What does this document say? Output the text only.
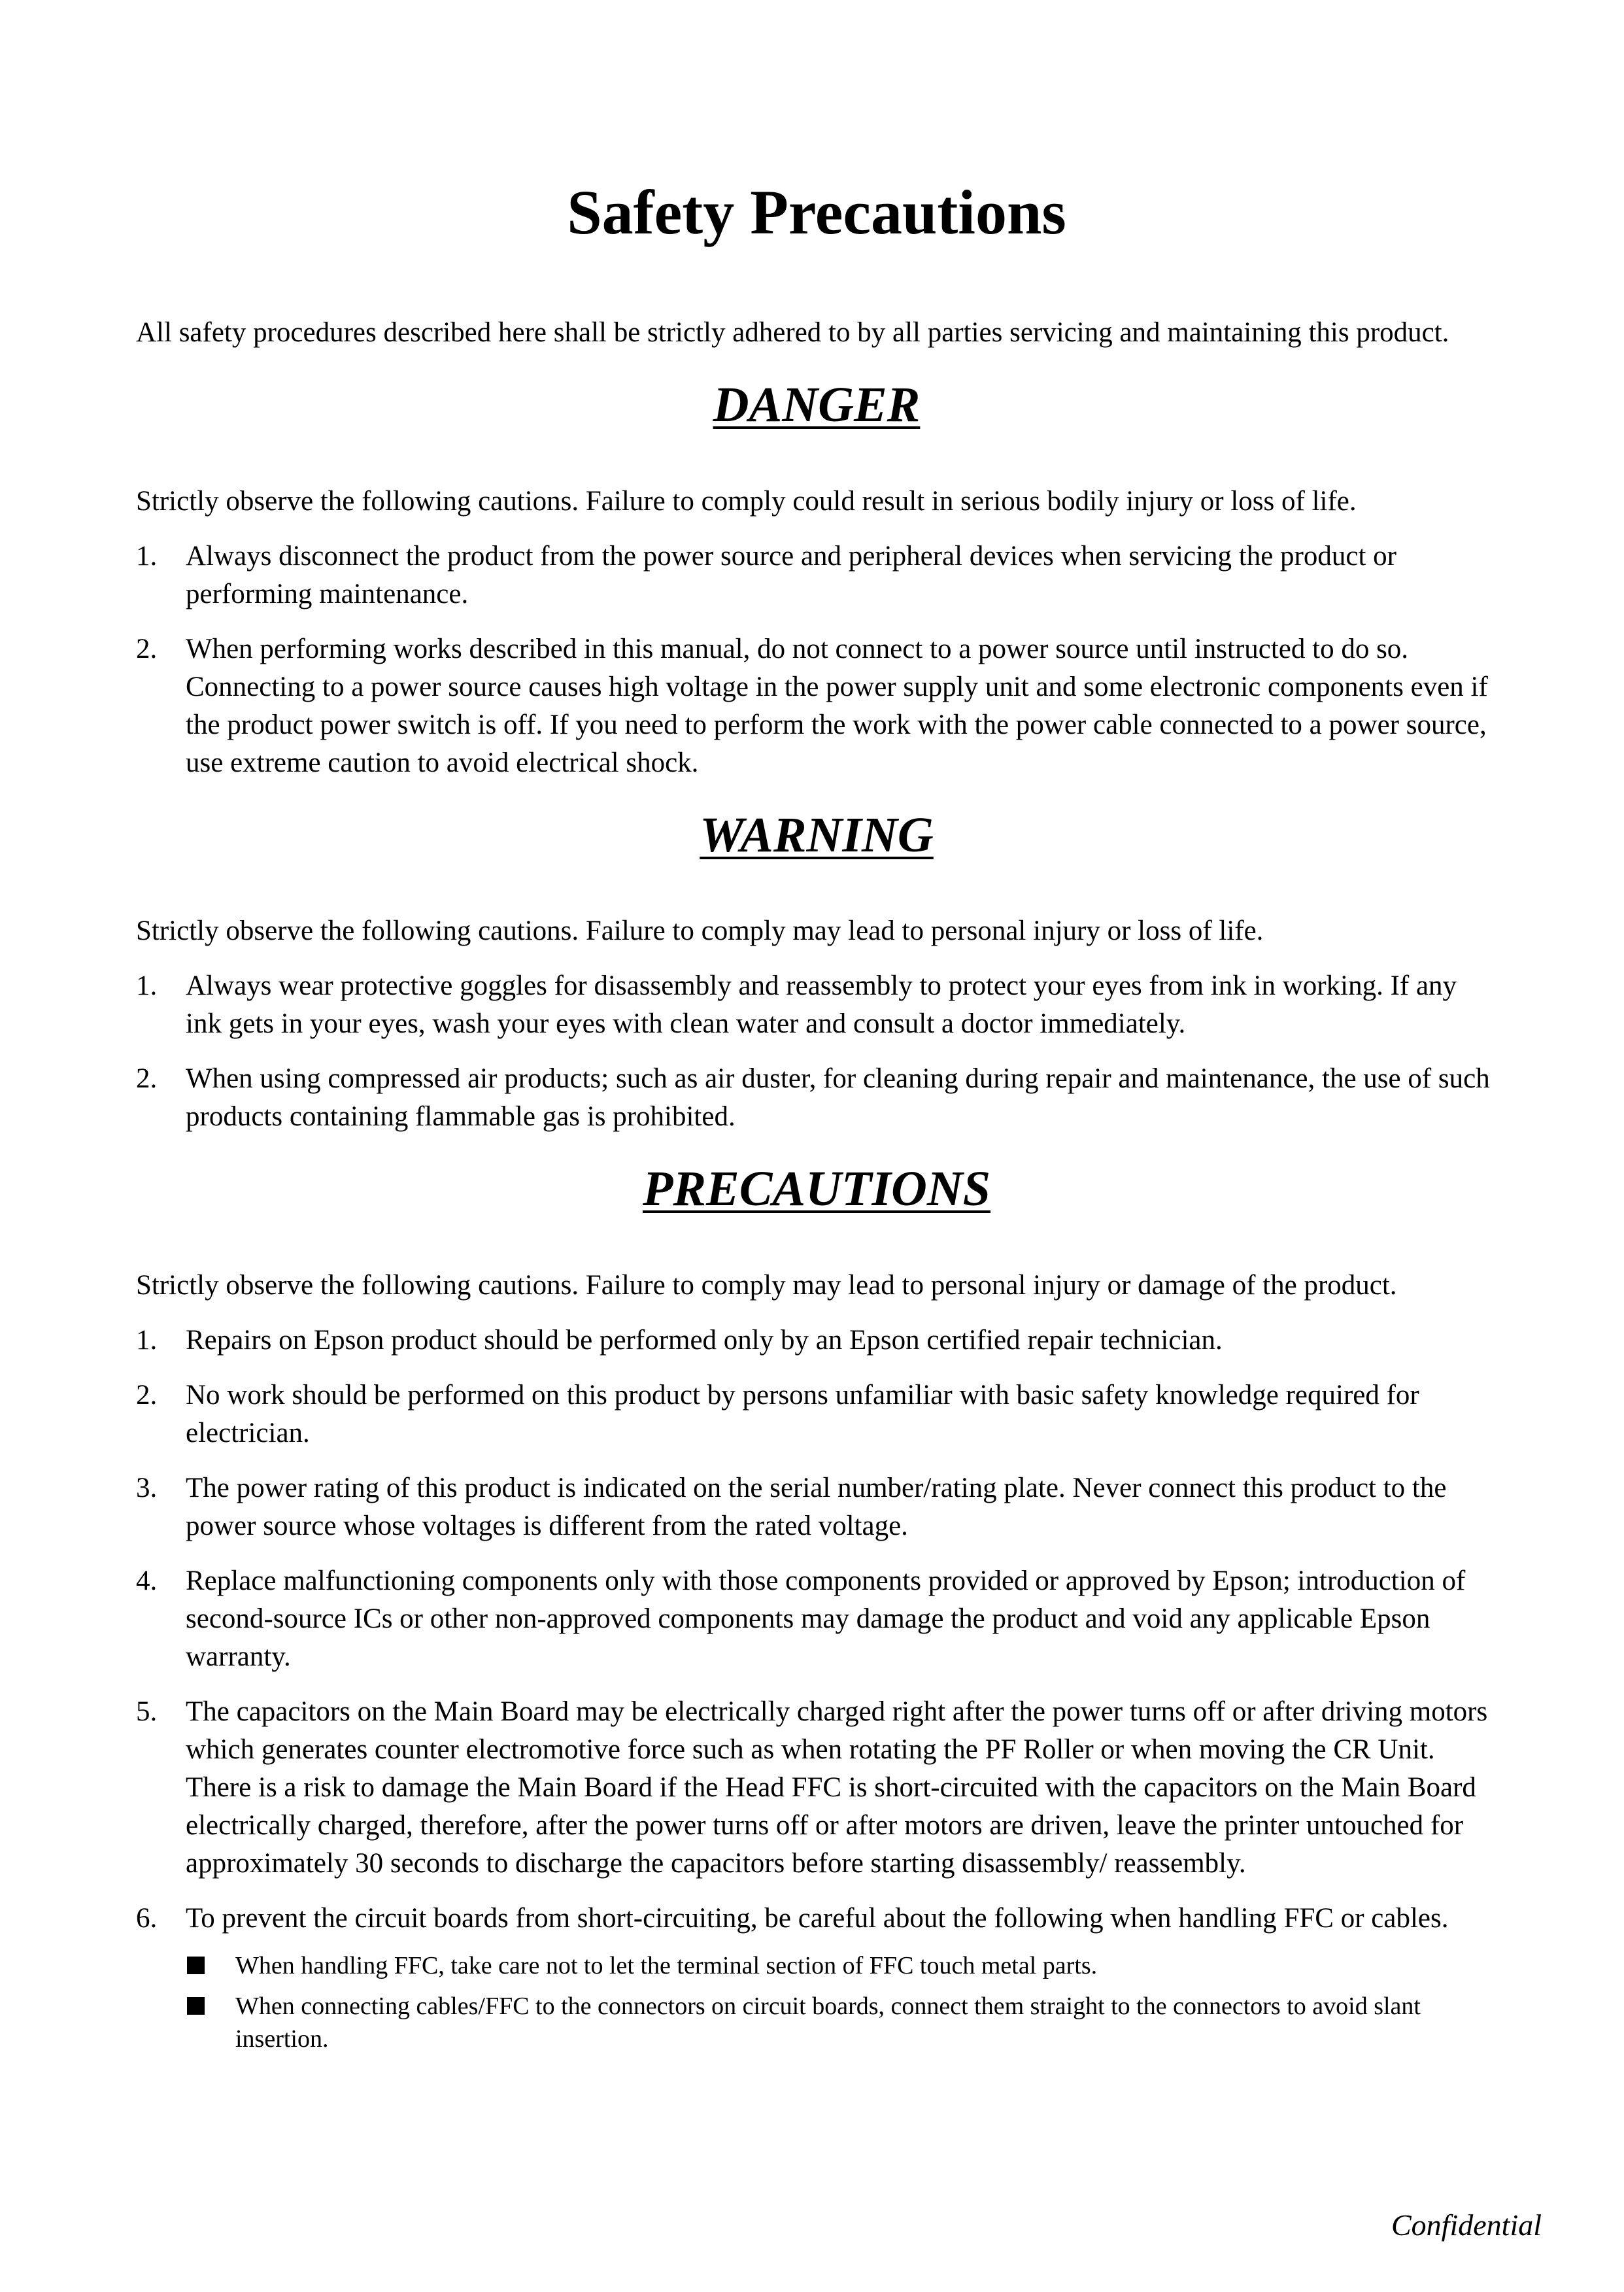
Safety Precautions

All safety procedures described here shall be strictly adhered to by all parties servicing and maintaining this product.

DANGER

Strictly observe the following cautions. Failure to comply could result in serious bodily injury or loss of life.

1. Always disconnect the product from the power source and peripheral devices when servicing the product or performing maintenance.
2. When performing works described in this manual, do not connect to a power source until instructed to do so. Connecting to a power source causes high voltage in the power supply unit and some electronic components even if the product power switch is off. If you need to perform the work with the power cable connected to a power source, use extreme caution to avoid electrical shock.
WARNING

Strictly observe the following cautions. Failure to comply may lead to personal injury or loss of life.

1. Always wear protective goggles for disassembly and reassembly to protect your eyes from ink in working. If any ink gets in your eyes, wash your eyes with clean water and consult a doctor immediately.
2. When using compressed air products; such as air duster, for cleaning during repair and maintenance, the use of such products containing flammable gas is prohibited.
PRECAUTIONS

Strictly observe the following cautions. Failure to comply may lead to personal injury or damage of the product.

1. Repairs on Epson product should be performed only by an Epson certified repair technician.
2. No work should be performed on this product by persons unfamiliar with basic safety knowledge required for electrician.
3. The power rating of this product is indicated on the serial number/rating plate. Never connect this product to the power source whose voltages is different from the rated voltage.
4. Replace malfunctioning components only with those components provided or approved by Epson; introduction of second-source ICs or other non-approved components may damage the product and void any applicable Epson warranty.
5. The capacitors on the Main Board may be electrically charged right after the power turns off or after driving motors which generates counter electromotive force such as when rotating the PF Roller or when moving the CR Unit. There is a risk to damage the Main Board if the Head FFC is short-circuited with the capacitors on the Main Board electrically charged, therefore, after the power turns off or after motors are driven, leave the printer untouched for approximately 30 seconds to discharge the capacitors before starting disassembly/ reassembly.
6. To prevent the circuit boards from short-circuiting, be careful about the following when handling FFC or cables.
When handling FFC, take care not to let the terminal section of FFC touch metal parts.
When connecting cables/FFC to the connectors on circuit boards, connect them straight to the connectors to avoid slant insertion.
Confidential
